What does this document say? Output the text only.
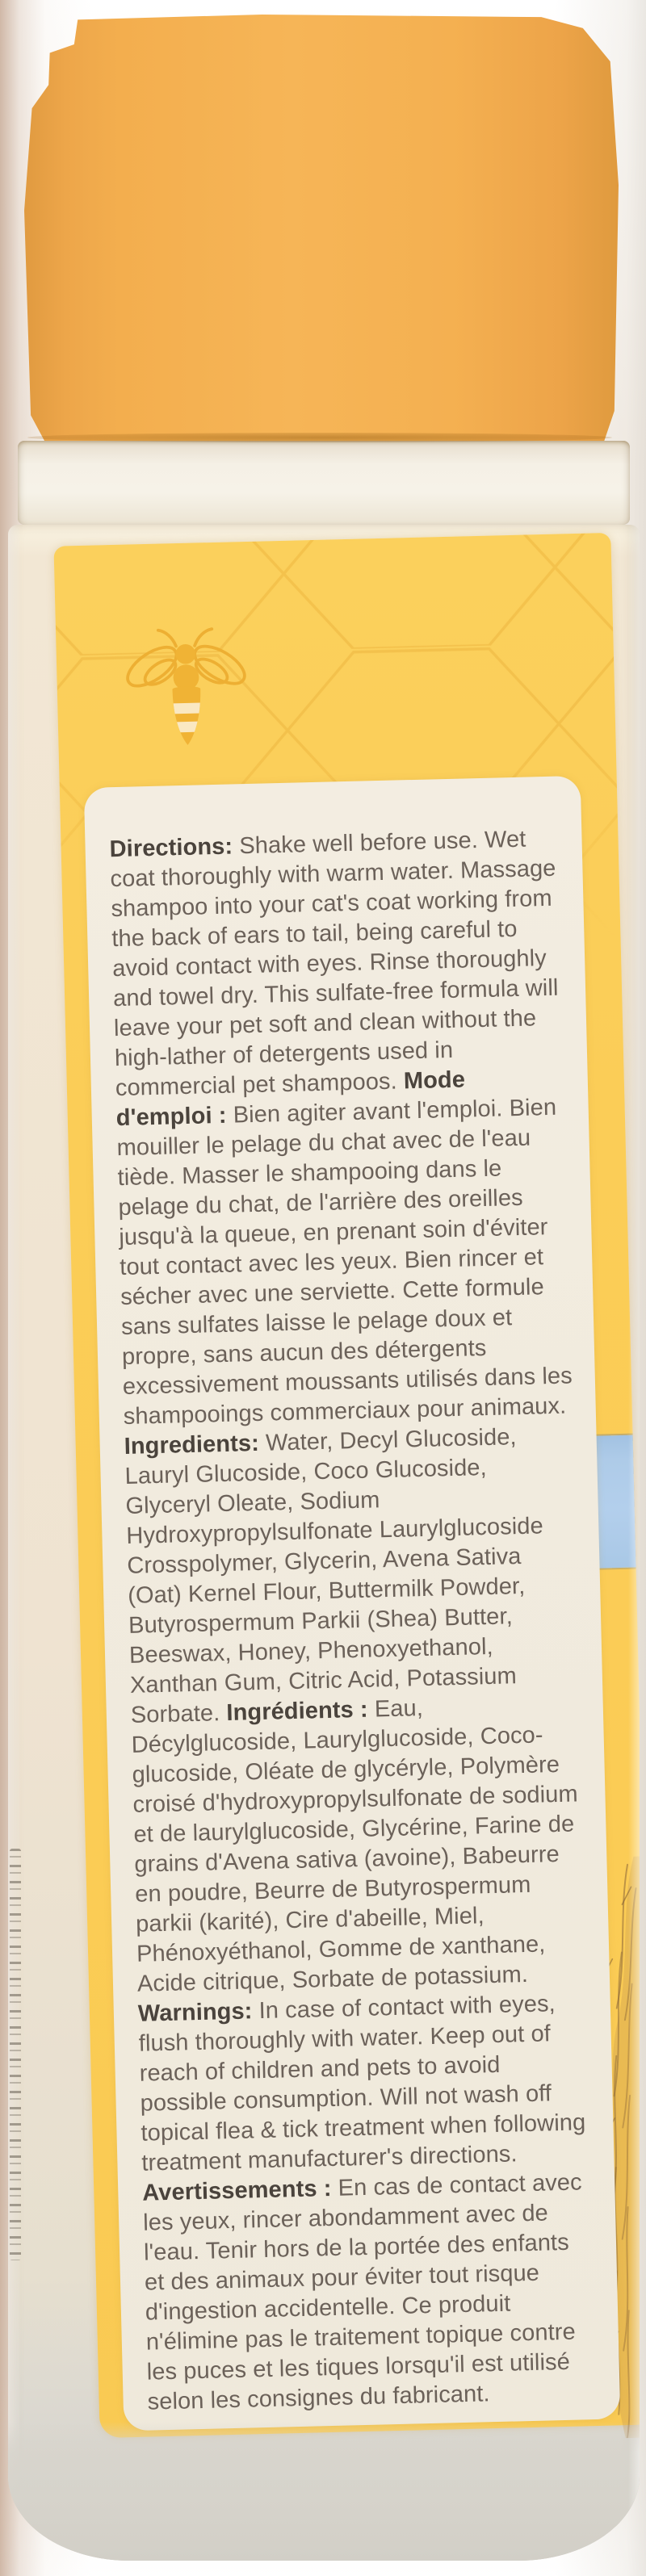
Directions: Shake well before use. Wet coat thoroughly with warm water. Massage shampoo into your cat's coat working from the back of ears to tail, being careful to avoid contact with eyes. Rinse thoroughly and towel dry. This sulfate-free formula will leave your pet soft and clean without the high-lather of detergents used in commercial pet shampoos. Mode d'emploi : Bien agiter avant l'emploi. Bien mouiller le pelage du chat avec de l'eau tiède. Masser le shampooing dans le pelage du chat, de l'arrière des oreilles jusqu'à la queue, en prenant soin d'éviter tout contact avec les yeux. Bien rincer et sécher avec une serviette. Cette formule sans sulfates laisse le pelage doux et propre, sans aucun des détergents excessivement moussants utilisés dans les shampooings commerciaux pour animaux. Ingredients: Water, Decyl Glucoside, Lauryl Glucoside, Coco Glucoside, Glyceryl Oleate, Sodium Hydroxypropylsulfonate Laurylglucoside Crosspolymer, Glycerin, Avena Sativa (Oat) Kernel Flour, Buttermilk Powder, Butyrospermum Parkii (Shea) Butter, Beeswax, Honey, Phenoxyethanol, Xanthan Gum, Citric Acid, Potassium Sorbate. Ingrédients : Eau, Décylglucoside, Laurylglucoside, Coco-glucoside, Oléate de glycéryle, Polymère croisé d'hydroxypropylsulfonate de sodium et de laurylglucoside, Glycérine, Farine de grains d'Avena sativa (avoine), Babeurre en poudre, Beurre de Butyrospermum parkii (karité), Cire d'abeille, Miel, Phénoxyéthanol, Gomme de xanthane, Acide citrique, Sorbate de potassium. Warnings: In case of contact with eyes, flush thoroughly with water. Keep out of reach of children and pets to avoid possible consumption. Will not wash off topical flea & tick treatment when following treatment manufacturer's directions. Avertissements : En cas de contact avec les yeux, rincer abondamment avec de l'eau. Tenir hors de la portée des enfants et des animaux pour éviter tout risque d'ingestion accidentelle. Ce produit n'élimine pas le traitement topique contre les puces et les tiques lorsqu'il est utilisé selon les consignes du fabricant.
